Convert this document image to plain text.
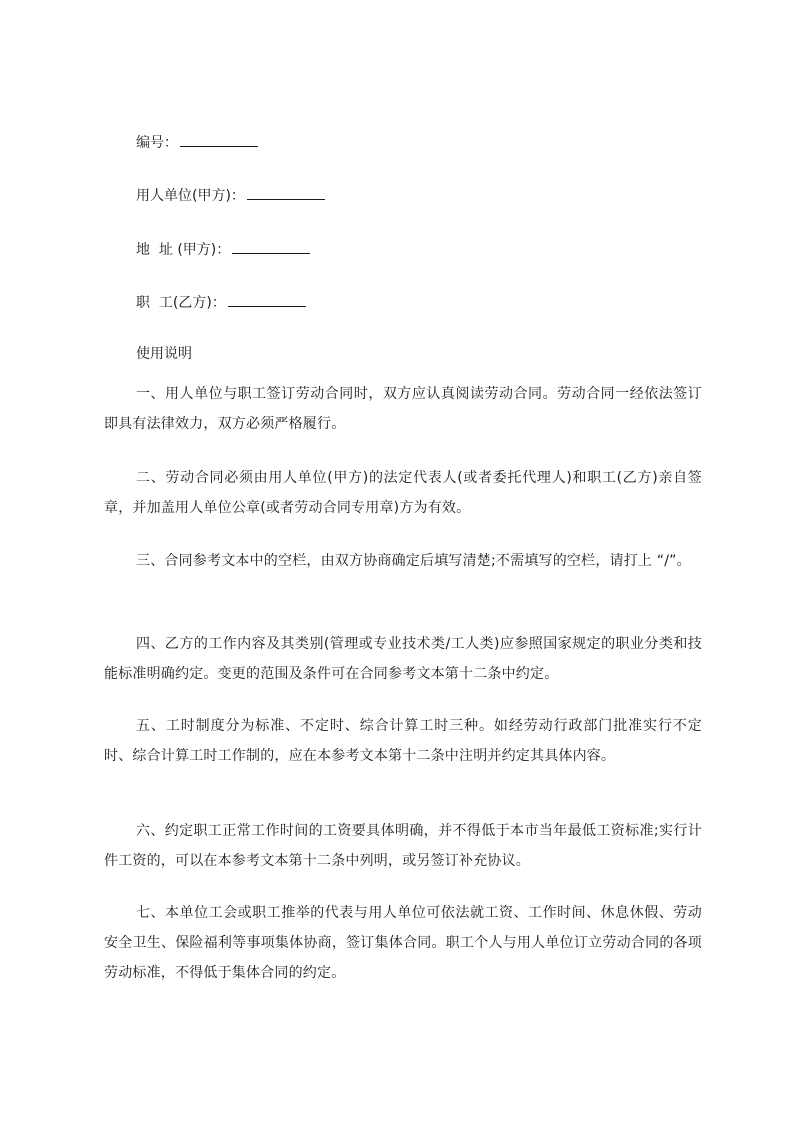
编号：
用人单位(甲方)：
地  址 (甲方)：
职  工(乙方)：
使用说明

一、用人单位与职工签订劳动合同时，双方应认真阅读劳动合同。劳动合同一经依法签订即具有法律效力，双方必须严格履行。

二、劳动合同必须由用人单位(甲方)的法定代表人(或者委托代理人)和职工(乙方)亲自签章，并加盖用人单位公章(或者劳动合同专用章)方为有效。

三、合同参考文本中的空栏，由双方协商确定后填写清楚;不需填写的空栏，请打上 “/”。

四、乙方的工作内容及其类别(管理或专业技术类/工人类)应参照国家规定的职业分类和技能标准明确约定。变更的范围及条件可在合同参考文本第十二条中约定。

五、工时制度分为标准、不定时、综合计算工时三种。如经劳动行政部门批准实行不定时、综合计算工时工作制的，应在本参考文本第十二条中注明并约定其具体内容。

六、约定职工正常工作时间的工资要具体明确，并不得低于本市当年最低工资标准;实行计件工资的，可以在本参考文本第十二条中列明，或另签订补充协议。

七、本单位工会或职工推举的代表与用人单位可依法就工资、工作时间、休息休假、劳动安全卫生、保险福利等事项集体协商，签订集体合同。职工个人与用人单位订立劳动合同的各项劳动标准，不得低于集体合同的约定。
